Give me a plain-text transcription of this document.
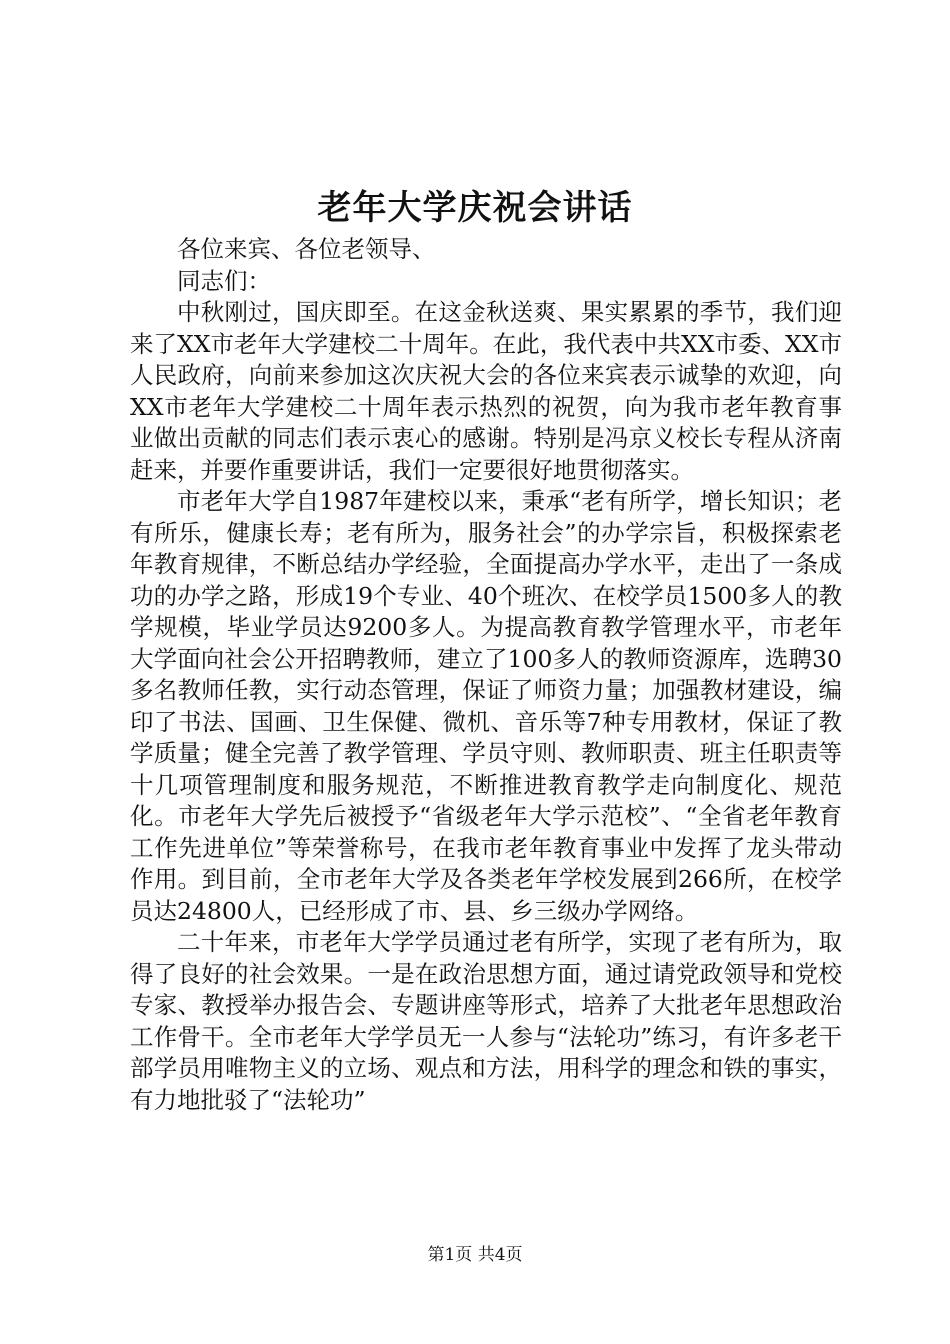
老年大学庆祝会讲话

各位来宾、各位老领导、

同志们：

中秋刚过，国庆即至。在这金秋送爽、果实累累的季节，我们迎来了XX市老年大学建校二十周年。在此，我代表中共XX市委、XX市人民政府，向前来参加这次庆祝大会的各位来宾表示诚挚的欢迎，向XX市老年大学建校二十周年表示热烈的祝贺，向为我市老年教育事业做出贡献的同志们表示衷心的感谢。特别是冯京义校长专程从济南赶来，并要作重要讲话，我们一定要很好地贯彻落实。

市老年大学自1987年建校以来，秉承“老有所学，增长知识；老有所乐，健康长寿；老有所为，服务社会”的办学宗旨，积极探索老年教育规律，不断总结办学经验，全面提高办学水平，走出了一条成功的办学之路，形成19个专业、40个班次、在校学员1500多人的教学规模，毕业学员达9200多人。为提高教育教学管理水平，市老年大学面向社会公开招聘教师，建立了100多人的教师资源库，选聘30多名教师任教，实行动态管理，保证了师资力量；加强教材建设，编印了书法、国画、卫生保健、微机、音乐等7种专用教材，保证了教学质量；健全完善了教学管理、学员守则、教师职责、班主任职责等十几项管理制度和服务规范，不断推进教育教学走向制度化、规范化。市老年大学先后被授予“省级老年大学示范校”、“全省老年教育工作先进单位”等荣誉称号，在我市老年教育事业中发挥了龙头带动作用。到目前，全市老年大学及各类老年学校发展到266所，在校学员达24800人，已经形成了市、县、乡三级办学网络。

二十年来，市老年大学学员通过老有所学，实现了老有所为，取得了良好的社会效果。一是在政治思想方面，通过请党政领导和党校专家、教授举办报告会、专题讲座等形式，培养了大批老年思想政治工作骨干。全市老年大学学员无一人参与“法轮功”练习，有许多老干部学员用唯物主义的立场、观点和方法，用科学的理念和铁的事实，有力地批驳了“法轮功”

第1页 共4页
